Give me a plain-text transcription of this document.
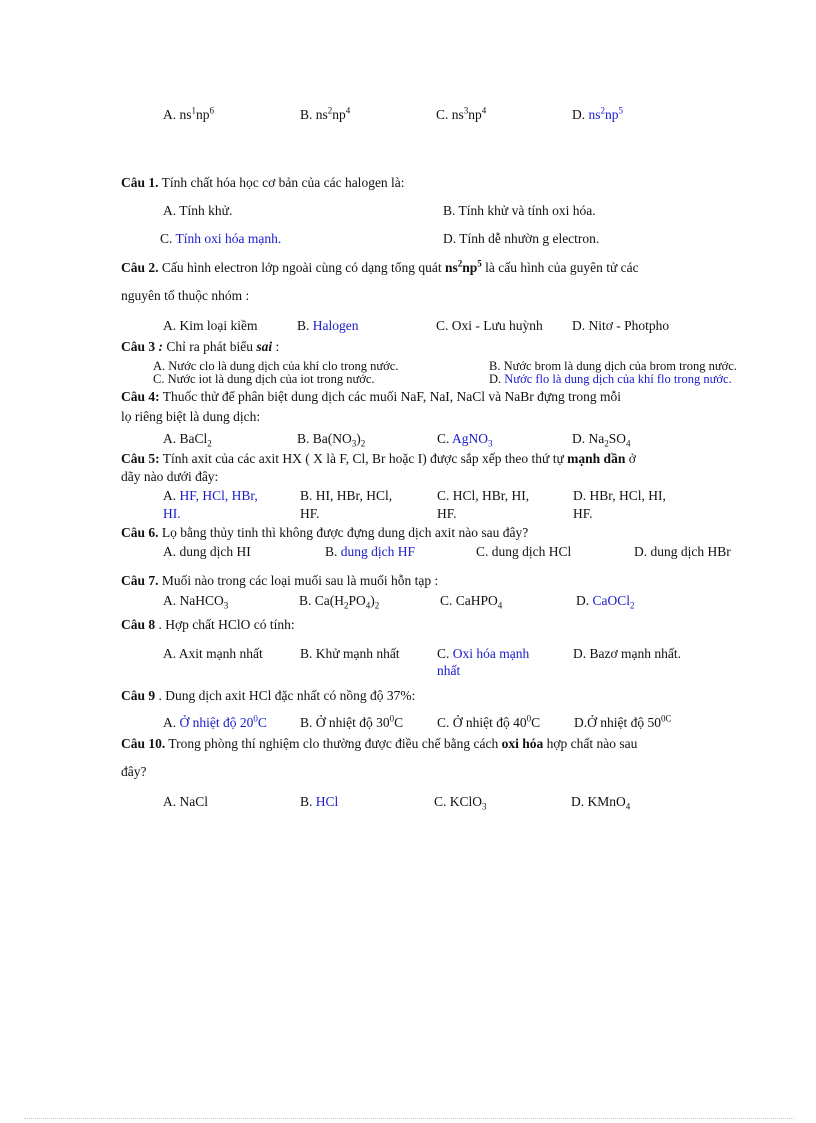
A. $ns^1np^6$	B. $ns^2np^4$	C. $ns^3np^4$	D. $ns^2np^5$
Câu 1. Tính chất hóa học cơ bản của các halogen là:
A. Tính khử.	B. Tính khử và tính oxi hóa.
C. Tính oxi hóa mạnh.	D. Tính dễ nhườn g electron.
Câu 2. Cấu hình electron lớp ngoài cùng có dạng tổng quát $ns^2np^5$ là cấu hình của guyên tử các
nguyên tố thuộc nhóm :
A. Kim loại kiềm	B. Halogen	C. Oxi - Lưu huỳnh D. Nitơ - Photpho
Câu 3 : Chỉ ra phát biểu sai :
A. Nước clo là dung dịch của khí clo trong nước.	B. Nước brom là dung dịch của brom trong nước.
C. Nước iot là dung dịch của iot trong nước.	D. Nước flo là dung dịch của khí flo trong nước.
Câu 4: Thuốc thử để phân biệt dung dịch các muối NaF, NaI, NaCl và NaBr đựng trong mỗi
lọ riêng biệt là dung dịch:
A. BaCl$_2$	B. $Ba(NO_3)_2$	C. AgNO$_3$	D. $Na_2SO_4$
Câu 5: Tính axit của các axit HX ( X là F, Cl, Br hoặc I) được sắp xếp theo thứ tự mạnh dần ở
dãy nào dưới đây:
A. HF, HCl, HBr,
HI.
B. HI, HBr, HCl,
HF.
C. HCl, HBr, HI,
HF.
D. HBr, HCl, HI,
HF.
Câu 6. Lọ bằng thủy tinh thì không được đựng dung dịch axit nào sau đây?
A. dung dịch HI	B. dung dịch HF	C. dung dịch HCl	D. dung dịch HBr
Câu 7. Muối nào trong các loại muối sau là muối hỗn tạp :
A. NaHCO$_3$	B. $Ca(H_2PO_4)_2$	C. CaHPO$_4$	D. CaOCl$_2$
Câu 8 . Hợp chất HClO có tính:
A. Axit mạnh nhất	B. Khử mạnh nhất	C. Oxi hóa mạnh
nhất
D. Bazơ mạnh nhất.
Câu 9 . Dung dịch axit HCl đặc nhất có nồng độ 37%:
A. Ở nhiệt độ $20^0C$ B. Ở nhiệt độ $30^0C$	C. Ở nhiệt độ $40^0C$	D.Ở nhiệt độ $50^{0C}$
Câu 10. Trong phòng thí nghiệm clo thường được điều chế bằng cách oxi hóa hợp chất nào sau
đây?
A. NaCl	B. HCl	C. KClO$_3$	D. KMnO$_4$
